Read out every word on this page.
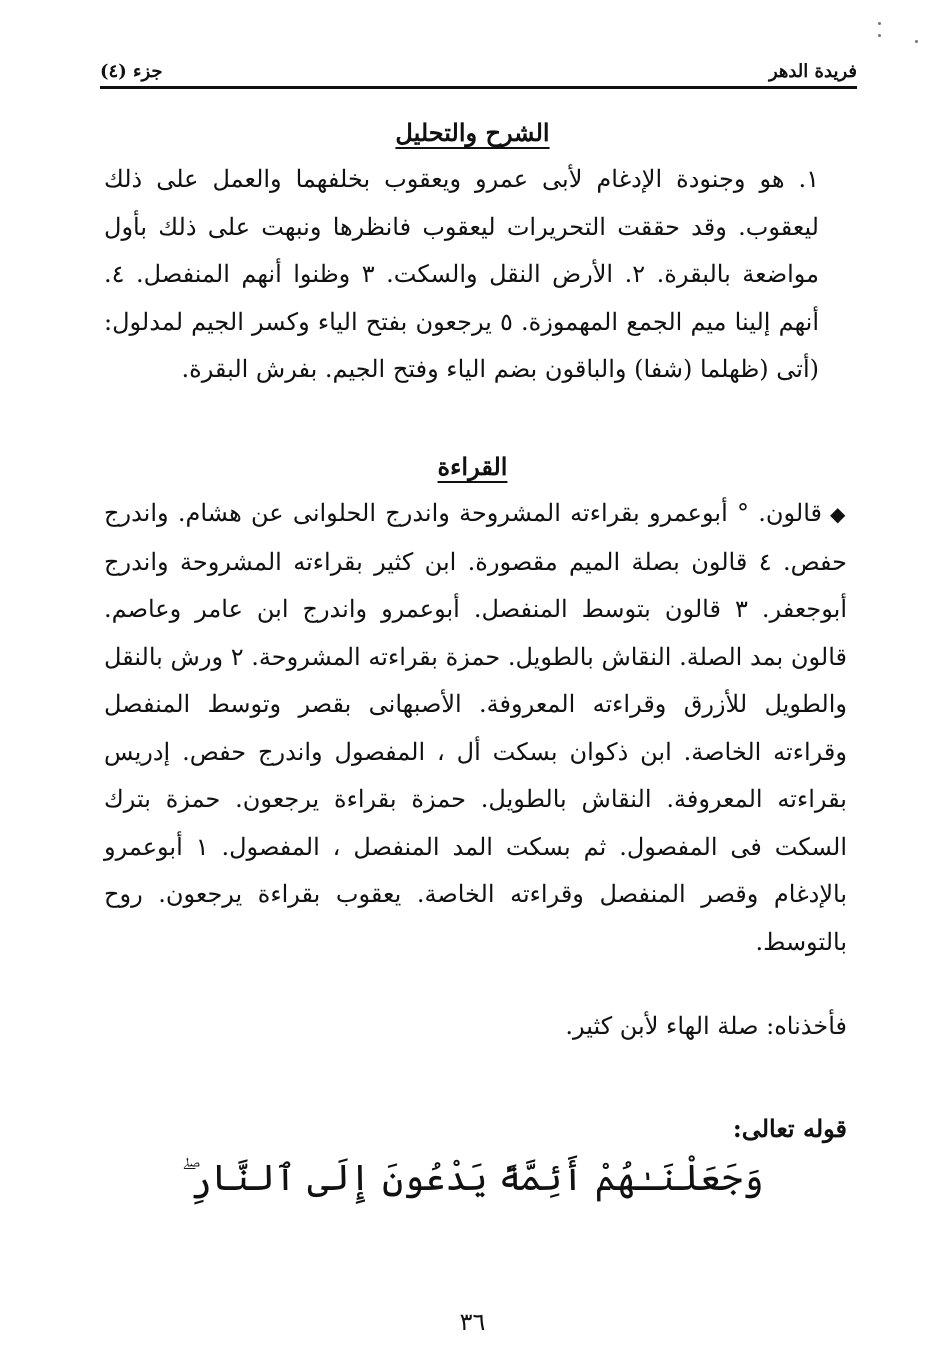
فريدة الدهر
جزء (٤)
الشرح والتحليل
١. هو وجنودة الإدغام لأبى عمرو ويعقوب بخلفهما والعمل على ذلك ليعقوب. وقد حققت التحريرات ليعقوب فانظرها ونبهت على ذلك بأول مواضعة بالبقرة. ٢. الأرض النقل والسكت. ٣ وظنوا أنهم المنفصل. ٤. أنهم إلينا ميم الجمع المهموزة. ٥ يرجعون بفتح الياء وكسر الجيم لمدلول: (أتى (ظهلما (شفا) والباقون بضم الياء وفتح الجيم. بفرش البقرة.
القراءة
◆قالون. ° أبوعمرو بقراءته المشروحة واندرج الحلوانى عن هشام. واندرج حفص. ٤ قالون بصلة الميم مقصورة. ابن كثير بقراءته المشروحة واندرج أبوجعفر. ٣ قالون بتوسط المنفصل. أبوعمرو واندرج ابن عامر وعاصم. قالون بمد الصلة. النقاش بالطويل. حمزة بقراءته المشروحة. ٢ ورش بالنقل والطويل للأزرق وقراءته المعروفة. الأصبهانى بقصر وتوسط المنفصل وقراءته الخاصة. ابن ذكوان بسكت أل ، المفصول واندرج حفص. إدريس بقراءته المعروفة. النقاش بالطويل. حمزة بقراءة يرجعون. حمزة بترك السكت فى المفصول. ثم بسكت المد المنفصل ، المفصول. ١ أبوعمرو بالإدغام وقصر المنفصل وقراءته الخاصة. يعقوب بقراءة يرجعون. روح بالتوسط.
فأخذناه: صلة الهاء لأبن كثير.
قوله تعالى:
وَجَعَلْنَـٰهُمْ أَئِمَّةً يَدْعُونَ إِلَى ٱلنَّارِ ۖ
٣٦
